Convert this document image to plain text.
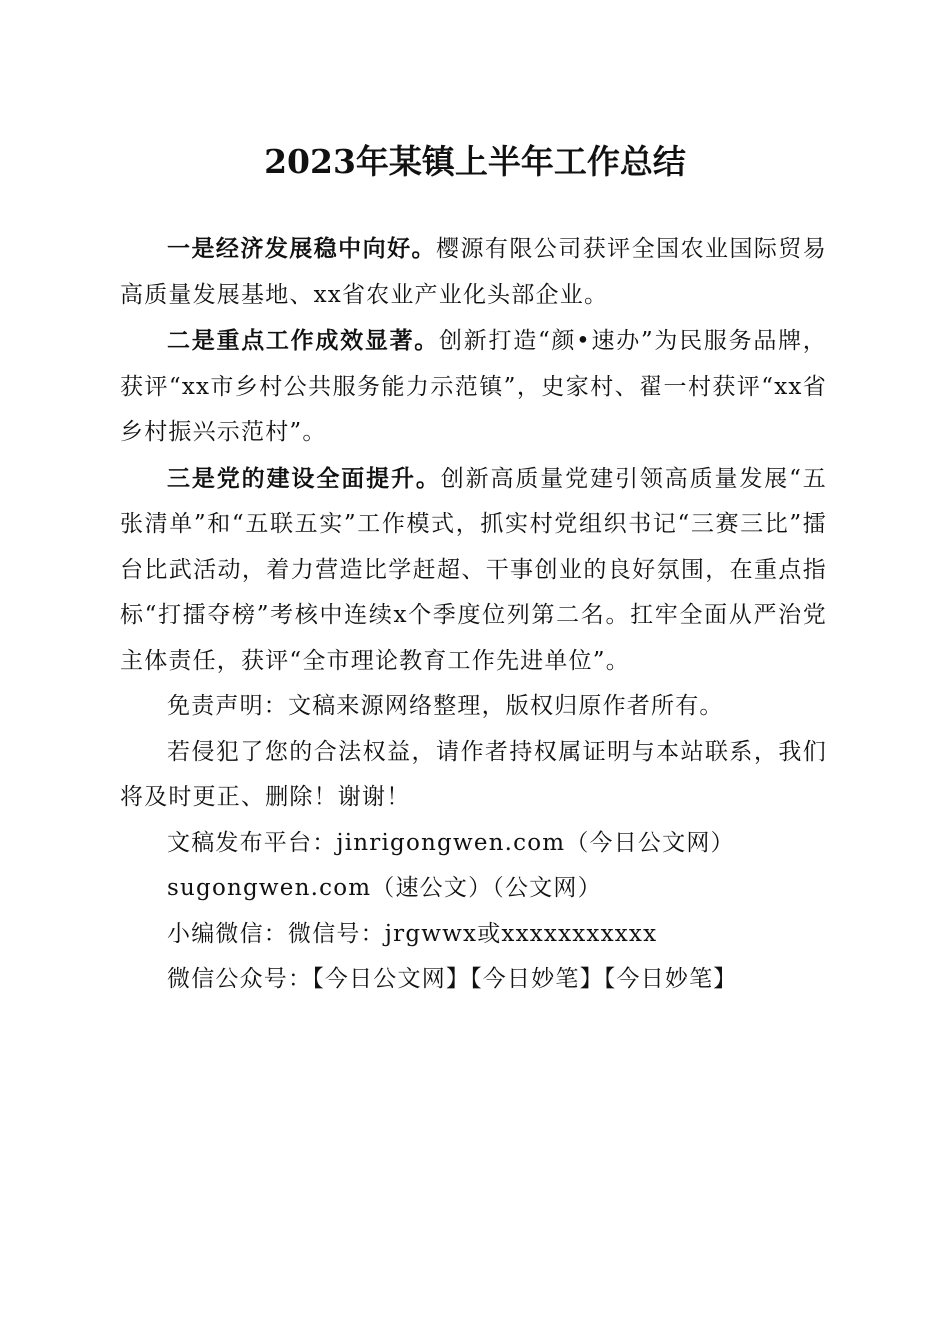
2023年某镇上半年工作总结

一是经济发展稳中向好。樱源有限公司获评全国农业国际贸易高质量发展基地、xx省农业产业化头部企业。

二是重点工作成效显著。创新打造“颜•速办”为民服务品牌，获评“xx市乡村公共服务能力示范镇”，史家村、翟一村获评“xx省乡村振兴示范村”。

三是党的建设全面提升。创新高质量党建引领高质量发展“五张清单”和“五联五实”工作模式，抓实村党组织书记“三赛三比”擂台比武活动，着力营造比学赶超、干事创业的良好氛围，在重点指标“打擂夺榜”考核中连续x个季度位列第二名。扛牢全面从严治党主体责任，获评“全市理论教育工作先进单位”。

免责声明：文稿来源网络整理，版权归原作者所有。

若侵犯了您的合法权益，请作者持权属证明与本站联系，我们将及时更正、删除！谢谢！

文稿发布平台：jinrigongwen.com（今日公文网）

sugongwen.com（速公文）（公文网）

小编微信：微信号：jrgwwx或xxxxxxxxxxx

微信公众号：【今日公文网】【今日妙笔】【今日妙笔】
